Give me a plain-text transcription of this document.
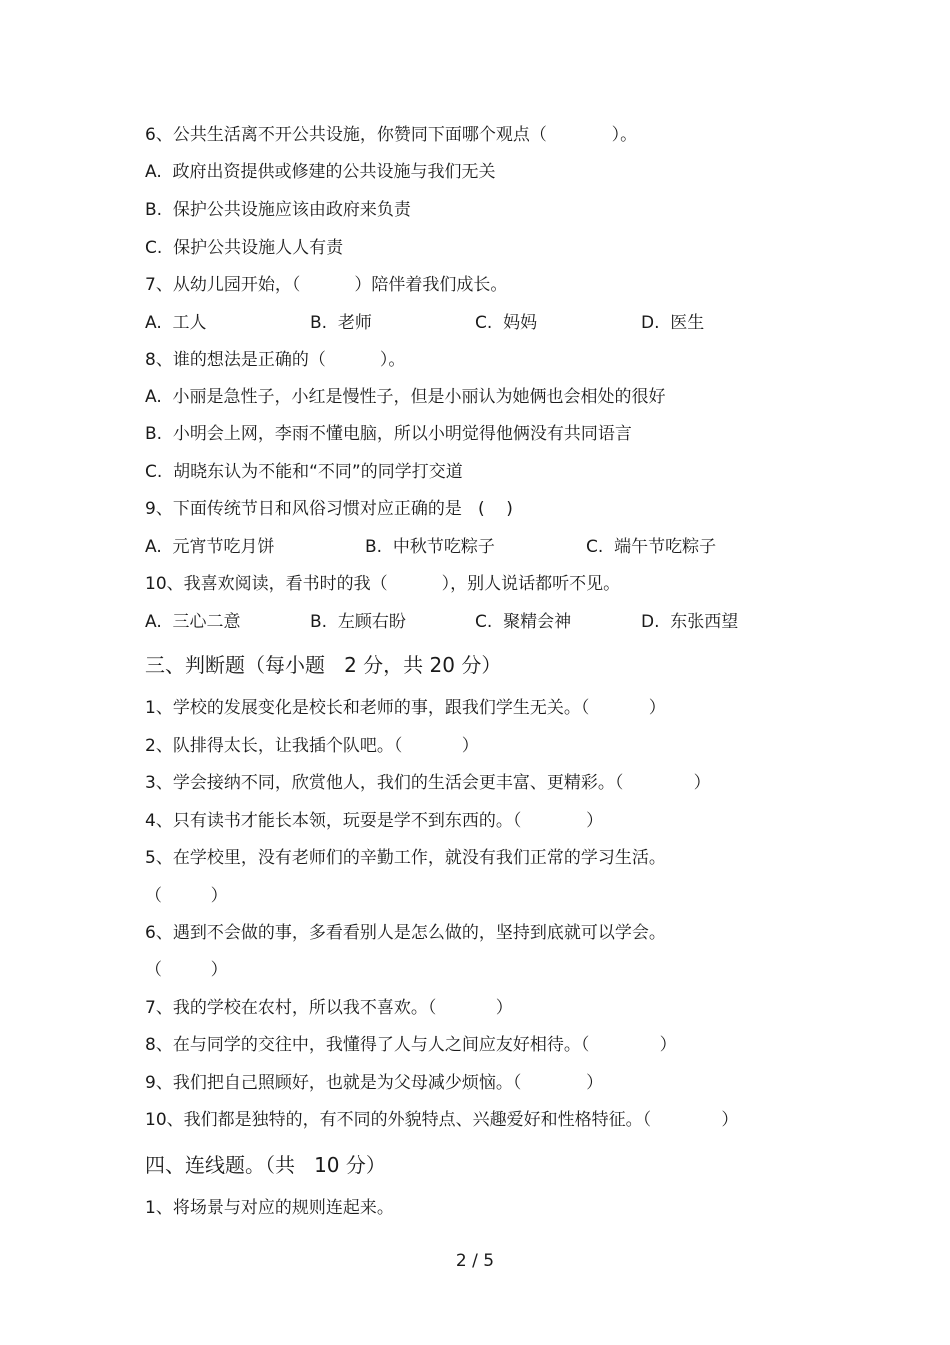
6、公共生活离不开公共设施，你赞同下面哪个观点（            ）。
A.  政府出资提供或修建的公共设施与我们无关
B.  保护公共设施应该由政府来负责
C.  保护公共设施人人有责
7、从幼儿园开始，（          ）陪伴着我们成长。
A.  工人	B.  老师	C.  妈妈	D.  医生
8、谁的想法是正确的（          ）。
A.  小丽是急性子，小红是慢性子，但是小丽认为她俩也会相处的很好
B.  小明会上网，李雨不懂电脑，所以小明觉得他俩没有共同语言
C.  胡晓东认为不能和“不同”的同学打交道
9、下面传统节日和风俗习惯对应正确的是   (    )
A.  元宵节吃月饼	B.  中秋节吃粽子	C.  端午节吃粽子
10、我喜欢阅读，看书时的我（          ），别人说话都听不见。
A.  三心二意	B.  左顾右盼	C.  聚精会神	D.  东张西望
三、判断题（每小题   2 分，共 20 分）
1、学校的发展变化是校长和老师的事，跟我们学生无关。（           ）
2、队排得太长，让我插个队吧。（           ）
3、学会接纳不同，欣赏他人，我们的生活会更丰富、更精彩。（             ）
4、只有读书才能长本领，玩耍是学不到东西的。（            ）
5、在学校里，没有老师们的辛勤工作，就没有我们正常的学习生活。
（         ）
6、遇到不会做的事，多看看别人是怎么做的，坚持到底就可以学会。
（         ）
7、我的学校在农村，所以我不喜欢。（           ）
8、在与同学的交往中，我懂得了人与人之间应友好相待。（             ）
9、我们把自己照顾好，也就是为父母减少烦恼。（            ）
10、我们都是独特的，有不同的外貌特点、兴趣爱好和性格特征。（             ）
四、连线题。（共   10 分）
1、将场景与对应的规则连起来。
2 / 5
